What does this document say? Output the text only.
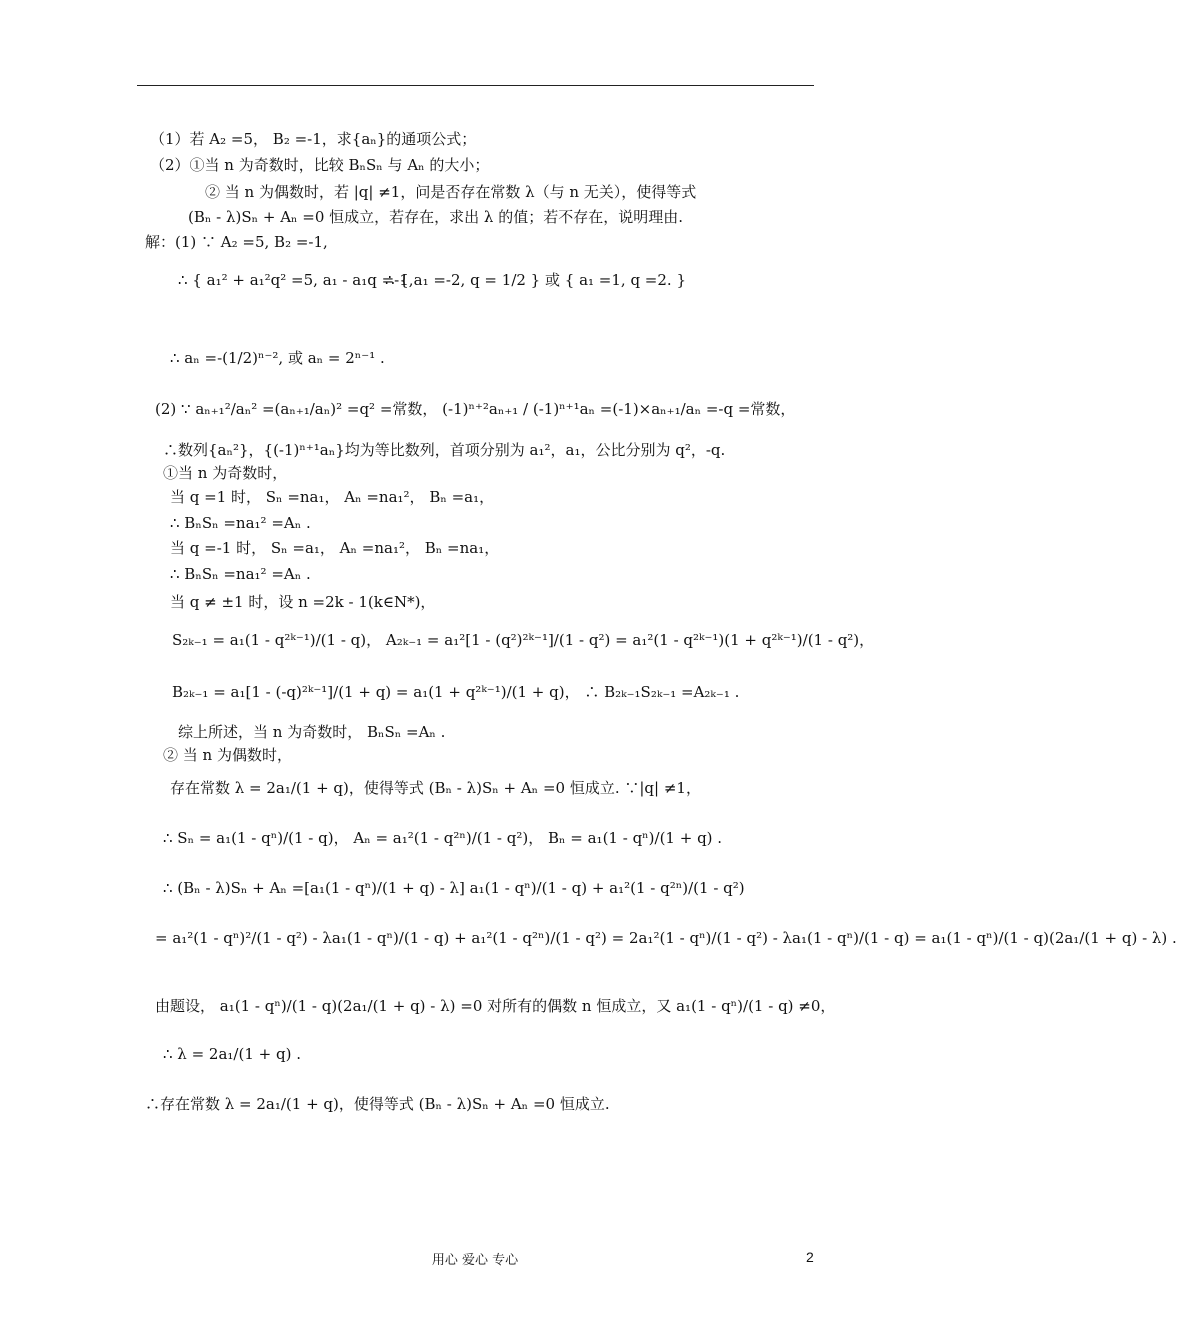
（1）若 A₂ =5， B₂ =-1，求{aₙ}的通项公式；
（2）①当 n 为奇数时，比较 BₙSₙ 与 Aₙ 的大小；
② 当 n 为偶数时，若 |q| ≠1，问是否存在常数 λ（与 n 无关），使得等式
(Bₙ - λ)Sₙ + Aₙ =0 恒成立，若存在，求出 λ 的值；若不存在，说明理由.
解：(1) ∵ A₂ =5, B₂ =-1,
∴ { a₁² + a₁²q² =5, a₁ - a₁q =-1,
∴ { a₁ =-2, q = 1/2 } 或 { a₁ =1, q =2. }
∴ aₙ =-(1/2)ⁿ⁻², 或 aₙ = 2ⁿ⁻¹ .
(2) ∵ aₙ₊₁²/aₙ² =(aₙ₊₁/aₙ)² =q² =常数， (-1)ⁿ⁺²aₙ₊₁ / (-1)ⁿ⁺¹aₙ =(-1)×aₙ₊₁/aₙ =-q =常数，
∴数列{aₙ²}，{(-1)ⁿ⁺¹aₙ}均为等比数列，首项分别为 a₁²，a₁，公比分别为 q²，-q.
①当 n 为奇数时，
当 q =1 时， Sₙ =na₁， Aₙ =na₁²， Bₙ =a₁，
∴ BₙSₙ =na₁² =Aₙ .
当 q =-1 时， Sₙ =a₁， Aₙ =na₁²， Bₙ =na₁，
∴ BₙSₙ =na₁² =Aₙ .
当 q ≠ ±1 时，设 n =2k - 1(k∈N*)，
S₂ₖ₋₁ = a₁(1 - q²ᵏ⁻¹)/(1 - q)， A₂ₖ₋₁ = a₁²[1 - (q²)²ᵏ⁻¹]/(1 - q²) = a₁²(1 - q²ᵏ⁻¹)(1 + q²ᵏ⁻¹)/(1 - q²)，
B₂ₖ₋₁ = a₁[1 - (-q)²ᵏ⁻¹]/(1 + q) = a₁(1 + q²ᵏ⁻¹)/(1 + q)， ∴ B₂ₖ₋₁S₂ₖ₋₁ =A₂ₖ₋₁ .
综上所述，当 n 为奇数时， BₙSₙ =Aₙ .
② 当 n 为偶数时，
存在常数 λ = 2a₁/(1 + q)，使得等式 (Bₙ - λ)Sₙ + Aₙ =0 恒成立. ∵|q| ≠1，
∴ Sₙ = a₁(1 - qⁿ)/(1 - q)， Aₙ = a₁²(1 - q²ⁿ)/(1 - q²)， Bₙ = a₁(1 - qⁿ)/(1 + q) .
∴ (Bₙ - λ)Sₙ + Aₙ =[a₁(1 - qⁿ)/(1 + q) - λ] a₁(1 - qⁿ)/(1 - q) + a₁²(1 - q²ⁿ)/(1 - q²)
= a₁²(1 - qⁿ)²/(1 - q²) - λa₁(1 - qⁿ)/(1 - q) + a₁²(1 - q²ⁿ)/(1 - q²) = 2a₁²(1 - qⁿ)/(1 - q²) - λa₁(1 - qⁿ)/(1 - q) = a₁(1 - qⁿ)/(1 - q)(2a₁/(1 + q) - λ) .
由题设， a₁(1 - qⁿ)/(1 - q)(2a₁/(1 + q) - λ) =0 对所有的偶数 n 恒成立，又 a₁(1 - qⁿ)/(1 - q) ≠0，
∴ λ = 2a₁/(1 + q) .
∴存在常数 λ = 2a₁/(1 + q)，使得等式 (Bₙ - λ)Sₙ + Aₙ =0 恒成立.
用心 爱心 专心	2
